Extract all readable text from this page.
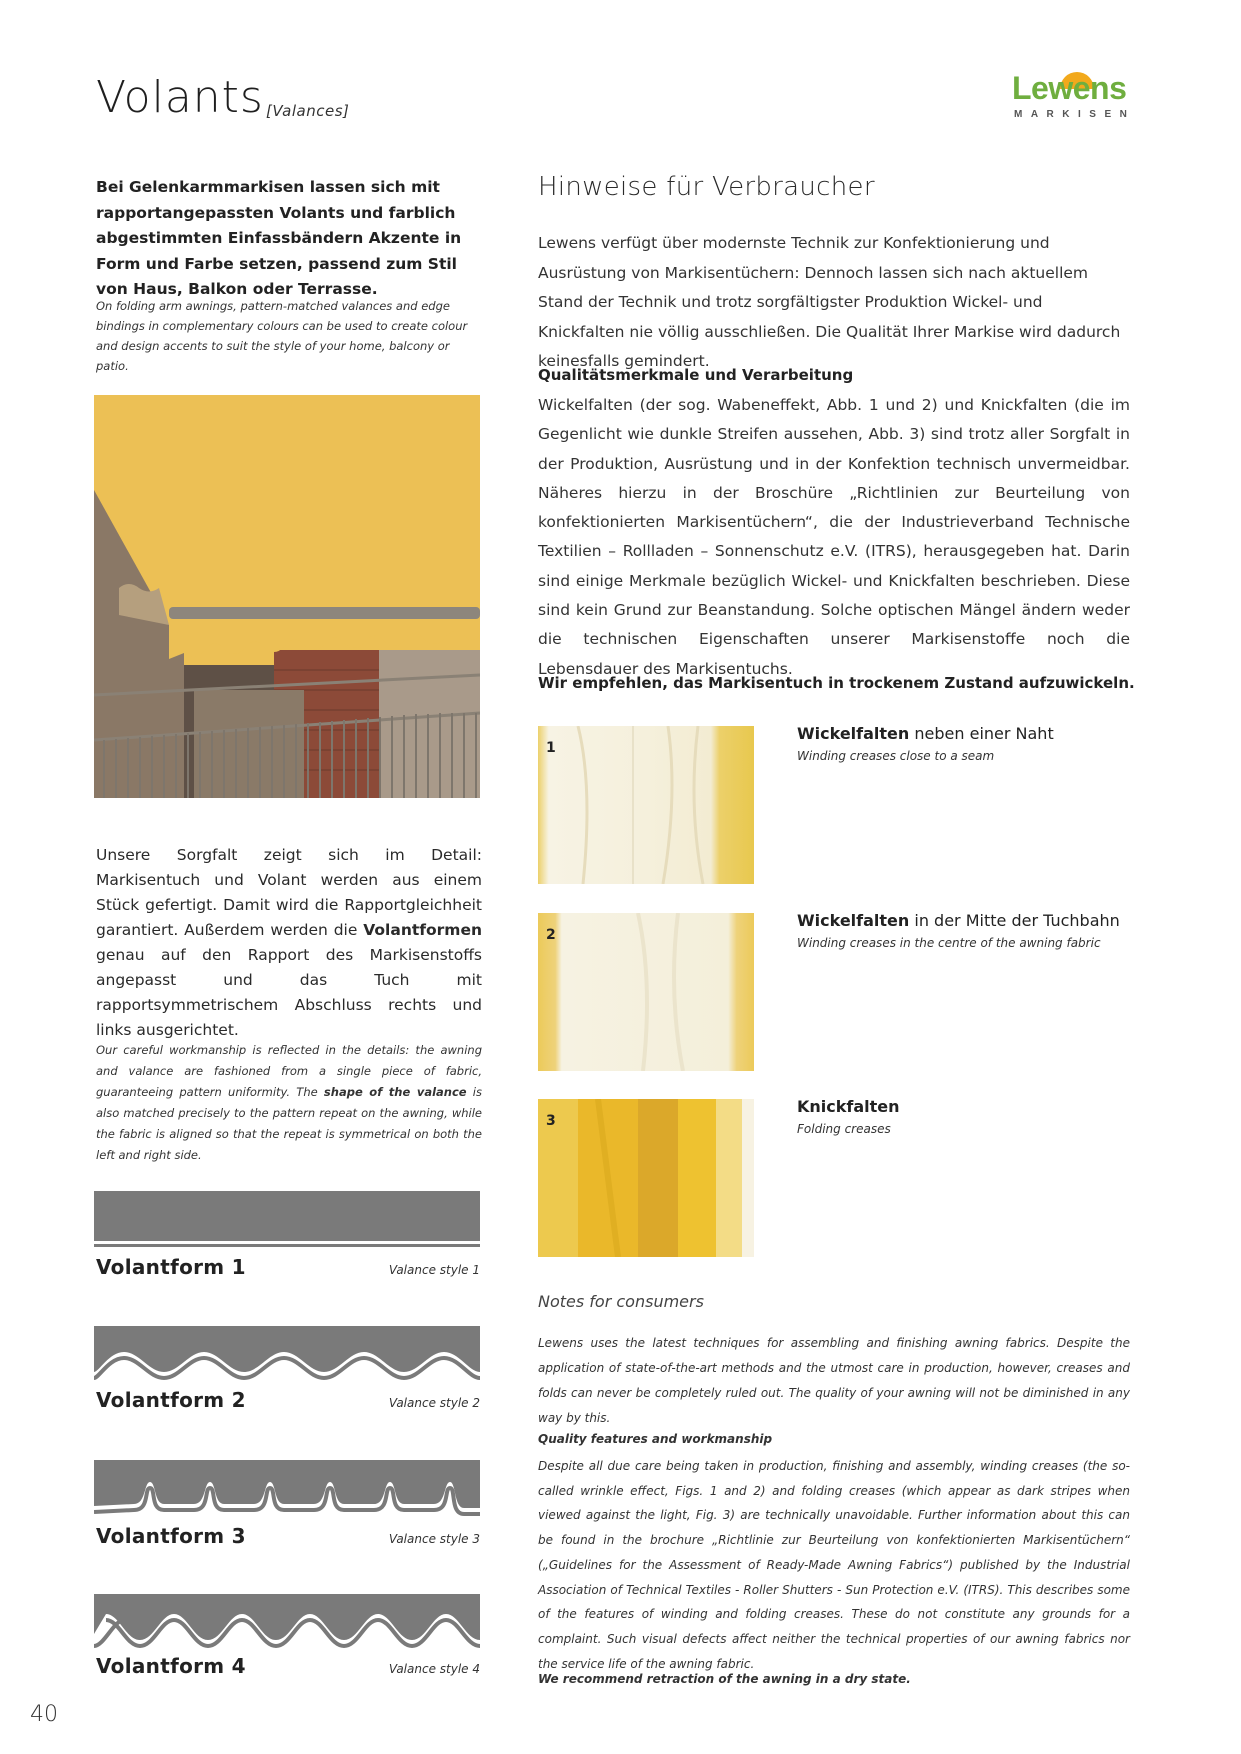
Volants [Valances]
Lewens
MARKISEN

Bei Gelenkarmmarkisen lassen sich mit rapportangepassten Volants und farblich abgestimmten Einfassbändern Akzente in Form und Farbe setzen, passend zum Stil von Haus, Balkon oder Terrasse.

On folding arm awnings, pattern-matched valances and edge bindings in complementary colours can be used to create colour and design accents to suit the style of your home, balcony or patio.

Unsere Sorgfalt zeigt sich im Detail: Markisentuch und Volant werden aus einem Stück gefertigt. Damit wird die Rapportgleichheit garantiert. Außerdem werden die Volantformen genau auf den Rapport des Markisenstoffs angepasst und das Tuch mit rapportsymmetrischem Abschluss rechts und links ausgerichtet.

Our careful workmanship is reflected in the details: the awning and valance are fashioned from a single piece of fabric, guaranteeing pattern uniformity. The shape of the valance is also matched precisely to the pattern repeat on the awning, while the fabric is aligned so that the repeat is symmetrical on both the left and right side.

Volantform 1	Valance style 1
Volantform 2	Valance style 2
Volantform 3	Valance style 3
Volantform 4	Valance style 4
40
Hinweise für Verbraucher

Lewens verfügt über modernste Technik zur Konfektionierung und Ausrüstung von Markisentüchern: Dennoch lassen sich nach aktuellem Stand der Technik und trotz sorgfältigster Produktion Wickel- und Knickfalten nie völlig ausschließen. Die Qualität Ihrer Markise wird dadurch keinesfalls gemindert.

Qualitätsmerkmale und Verarbeitung

Wickelfalten (der sog. Wabeneffekt, Abb. 1 und 2) und Knickfalten (die im Gegenlicht wie dunkle Streifen aussehen, Abb. 3) sind trotz aller Sorgfalt in der Produktion, Ausrüstung und in der Konfektion technisch unvermeidbar. Näheres hierzu in der Broschüre „Richtlinien zur Beurteilung von konfektionierten Markisentüchern“, die der Industrieverband Technische Textilien – Rollladen – Sonnenschutz e.V. (ITRS), herausgegeben hat. Darin sind einige Merkmale bezüglich Wickel- und Knickfalten beschrieben. Diese sind kein Grund zur Beanstandung. Solche optischen Mängel ändern weder die technischen Eigenschaften unserer Markisenstoffe noch die Lebensdauer des Markisentuchs.

Wir empfehlen, das Markisentuch in trockenem Zustand aufzuwickeln.

1
Wickelfalten neben einer Naht
Winding creases close to a seam
2
Wickelfalten in der Mitte der Tuchbahn
Winding creases in the centre of the awning fabric
3
Knickfalten
Folding creases
Notes for consumers

Lewens uses the latest techniques for assembling and finishing awning fabrics. Despite the application of state-of-the-art methods and the utmost care in production, however, creases and folds can never be completely ruled out. The quality of your awning will not be diminished in any way by this.

Quality features and workmanship

Despite all due care being taken in production, finishing and assembly, winding creases (the so-called wrinkle effect, Figs. 1 and 2) and folding creases (which appear as dark stripes when viewed against the light, Fig. 3) are technically unavoidable. Further information about this can be found in the brochure „Richtlinie zur Beurteilung von konfektionierten Markisentüchern“ („Guidelines for the Assessment of Ready-Made Awning Fabrics“) published by the Industrial Association of Technical Textiles - Roller Shutters - Sun Protection e.V. (ITRS). This describes some of the features of winding and folding creases. These do not constitute any grounds for a complaint. Such visual defects affect neither the technical properties of our awning fabrics nor the service life of the awning fabric.

We recommend retraction of the awning in a dry state.
